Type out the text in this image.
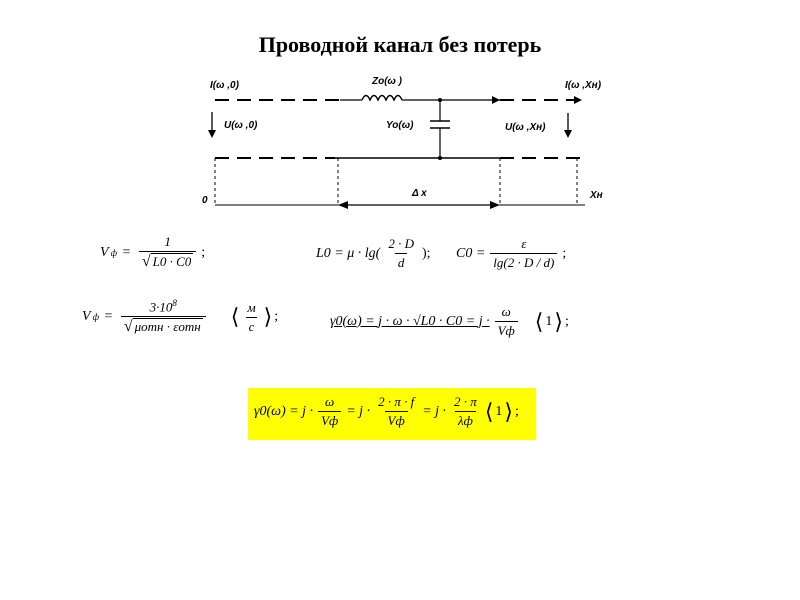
Проводной канал без потерь
I(ω ,0)	I(ω ,Xн)
Zo(ω )
U(ω ,0)	U(ω ,Xн)
Yo(ω)
0	Xн
Δ x
V $ф = \frac{1}{√ L0 \cdot C0}$ ;	$L0 = \mu \cdot \lg( \frac{2 \cdot D}{d}$ ); $C0 = \frac{\varepsilon}{\lg(2 \cdot D / d)}$ ;
V $ф = \frac{3\cdot 10^8}{\text{√ μотн · εотн}}$ ⟨ $\frac{м}{с}$ ⟩ ;	$\gamma 0(\omega) = j \cdot \omega \cdot √L0 \cdot C0 = j \cdot \frac{\omega}{Vф}$ ⟨ 1 ⟩ ;
$\gamma 0(\omega) = j \cdot \frac{\omega}{Vф} = j \cdot \frac{2 \cdot \pi \cdot f}{Vф} = j \cdot \frac{2 \cdot \pi}{\lambda ф}$ ⟨ 1 ⟩ ;
